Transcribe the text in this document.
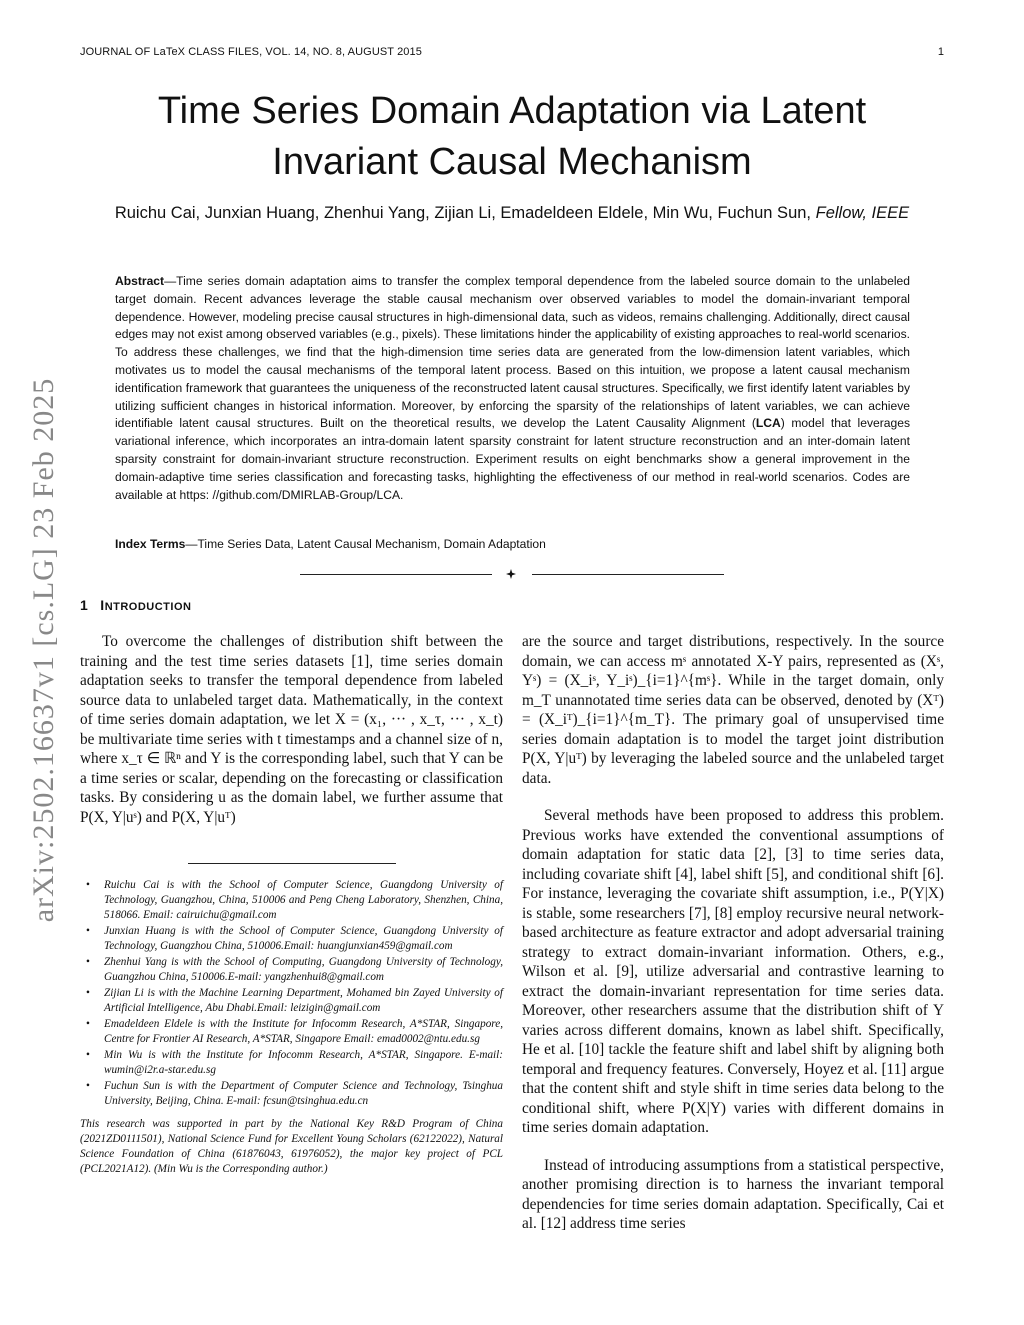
JOURNAL OF LaTeX CLASS FILES, VOL. 14, NO. 8, AUGUST 2015	1
arXiv:2502.16637v1 [cs.LG] 23 Feb 2025
Time Series Domain Adaptation via Latent Invariant Causal Mechanism
Ruichu Cai, Junxian Huang, Zhenhui Yang, Zijian Li, Emadeldeen Eldele, Min Wu, Fuchun Sun, Fellow, IEEE
Abstract—Time series domain adaptation aims to transfer the complex temporal dependence from the labeled source domain to the unlabeled target domain. Recent advances leverage the stable causal mechanism over observed variables to model the domain-invariant temporal dependence. However, modeling precise causal structures in high-dimensional data, such as videos, remains challenging. Additionally, direct causal edges may not exist among observed variables (e.g., pixels). These limitations hinder the applicability of existing approaches to real-world scenarios. To address these challenges, we find that the high-dimension time series data are generated from the low-dimension latent variables, which motivates us to model the causal mechanisms of the temporal latent process. Based on this intuition, we propose a latent causal mechanism identification framework that guarantees the uniqueness of the reconstructed latent causal structures. Specifically, we first identify latent variables by utilizing sufficient changes in historical information. Moreover, by enforcing the sparsity of the relationships of latent variables, we can achieve identifiable latent causal structures. Built on the theoretical results, we develop the Latent Causality Alignment (LCA) model that leverages variational inference, which incorporates an intra-domain latent sparsity constraint for latent structure reconstruction and an inter-domain latent sparsity constraint for domain-invariant structure reconstruction. Experiment results on eight benchmarks show a general improvement in the domain-adaptive time series classification and forecasting tasks, highlighting the effectiveness of our method in real-world scenarios. Codes are available at https: //github.com/DMIRLAB-Group/LCA.
Index Terms—Time Series Data, Latent Causal Mechanism, Domain Adaptation
1 INTRODUCTION

To overcome the challenges of distribution shift between the training and the test time series datasets [1], time series domain adaptation seeks to transfer the temporal dependence from labeled source data to unlabeled target data. Mathematically, in the context of time series domain adaptation, we let X = (x₁, ··· , x_τ, ··· , x_t) be multivariate time series with t timestamps and a channel size of n, where x_τ ∈ ℝⁿ and Y is the corresponding label, such that Y can be a time series or scalar, depending on the forecasting or classification tasks. By considering u as the domain label, we further assume that P(X, Y|uˢ) and P(X, Y|uᵀ)

• Ruichu Cai is with the School of Computer Science, Guangdong University of Technology, Guangzhou, China, 510006 and Peng Cheng Laboratory, Shenzhen, China, 518066. Email: cairuichu@gmail.com
• Junxian Huang is with the School of Computer Science, Guangdong University of Technology, Guangzhou China, 510006.Email: huangjunxian459@gmail.com
• Zhenhui Yang is with the School of Computing, Guangdong University of Technology, Guangzhou China, 510006.E-mail: yangzhenhui8@gmail.com
• Zijian Li is with the Machine Learning Department, Mohamed bin Zayed University of Artificial Intelligence, Abu Dhabi.Email: leizigin@gmail.com
• Emadeldeen Eldele is with the Institute for Infocomm Research, A*STAR, Singapore, Centre for Frontier AI Research, A*STAR, Singapore Email: emad0002@ntu.edu.sg
• Min Wu is with the Institute for Infocomm Research, A*STAR, Singapore. E-mail: wumin@i2r.a-star.edu.sg
• Fuchun Sun is with the Department of Computer Science and Technology, Tsinghua University, Beijing, China. E-mail: fcsun@tsinghua.edu.cn
This research was supported in part by the National Key R&D Program of China (2021ZD0111501), National Science Fund for Excellent Young Scholars (62122022), Natural Science Foundation of China (61876043, 61976052), the major key project of PCL (PCL2021A12). (Min Wu is the Corresponding author.)

are the source and target distributions, respectively. In the source domain, we can access mˢ annotated X-Y pairs, represented as (Xˢ, Yˢ) = (X_iˢ, Y_iˢ)_{i=1}^{mˢ}. While in the target domain, only m_T unannotated time series data can be observed, denoted by (Xᵀ) = (X_iᵀ)_{i=1}^{m_T}. The primary goal of unsupervised time series domain adaptation is to model the target joint distribution P(X, Y|uᵀ) by leveraging the labeled source and the unlabeled target data.

Several methods have been proposed to address this problem. Previous works have extended the conventional assumptions of domain adaptation for static data [2], [3] to time series data, including covariate shift [4], label shift [5], and conditional shift [6]. For instance, leveraging the covariate shift assumption, i.e., P(Y|X) is stable, some researchers [7], [8] employ recursive neural network-based architecture as feature extractor and adopt adversarial training strategy to extract domain-invariant information. Others, e.g., Wilson et al. [9], utilize adversarial and contrastive learning to extract the domain-invariant representation for time series data. Moreover, other researchers assume that the distribution shift of Y varies across different domains, known as label shift. Specifically, He et al. [10] tackle the feature shift and label shift by aligning both temporal and frequency features. Conversely, Hoyez et al. [11] argue that the content shift and style shift in time series data belong to the conditional shift, where P(X|Y) varies with different domains in time series domain adaptation.

Instead of introducing assumptions from a statistical perspective, another promising direction is to harness the invariant temporal dependencies for time series domain adaptation. Specifically, Cai et al. [12] address time series
